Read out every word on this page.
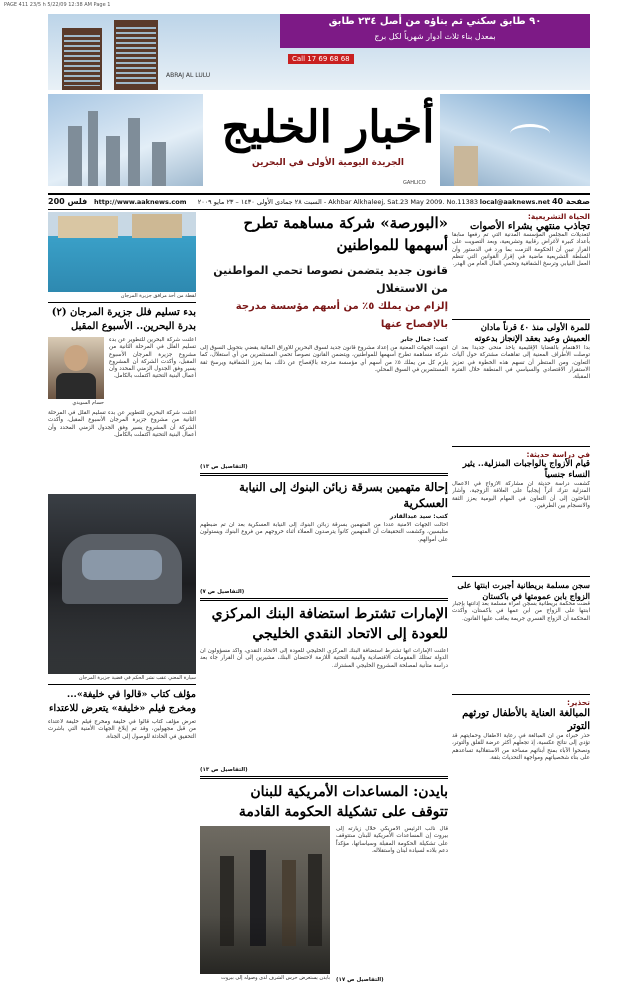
PAGE 411 23/5 h 5/22/09 12:38 AM Page 1
٩٠ طابق سكني تم بناؤه من أصل ٢٣٤ طابق
بمعدل بناء ثلاث أدوار شهرياً لكل برج
Call 17 69 68 68
ABRAJ AL LULU
أخبار الخليج
الجريدة اليومية الأولى في البحرين
GAHLICO
200 فلس http://www.aaknews.com	Akhbar Alkhaleej, Sat.23 May 2009. No.11383 - السبت ٢٨ جمادى الأولى ١٤٣٠ – ٢٣ مايو ٢٠٠٩	local@aaknews.net 40 صفحة
الحياة التشريعية:
تجاذب منتهي بشراء الأصوات
لتعديلات المجلس المؤسسة المدنية التي تم رفعها سابقاً بأعداد كبيرة لأغراض رقابية وتشريعية، وبعد التصويت على القرار تبين أن الحكومة التزمت بما ورد في الدستور وأن السلطة التشريعية ماضية في إقرار القوانين التي تنظم العمل النيابي وترسخ الشفافية وتحمي المال العام من الهدر.
للمرة الأولى منذ ٤٠ قرناً مادان العميش وعيد بعقد الإنجاز بدعوته
بدأ الاهتمام بالقضايا الإقليمية يأخذ منحى جديداً بعد أن توصلت الأطراف المعنية إلى تفاهمات مشتركة حول آليات التعاون، ومن المنتظر أن تسهم هذه الخطوة في تعزيز الاستقرار الاقتصادي والسياسي في المنطقة خلال الفترة المقبلة.
في دراسة حديثة:
قيام الأزواج بالواجبات المنزلية.. يثير النساء جنسياً
كشفت دراسة حديثة أن مشاركة الأزواج في الأعمال المنزلية تترك أثراً إيجابياً على العلاقة الزوجية، وأشار الباحثون إلى أن التعاون في المهام اليومية يعزز الثقة والانسجام بين الطرفين.
سجن مسلمة بريطانية أجبرت ابنتها على الزواج بابن عمومتها في باكستان
قضت محكمة بريطانية بسجن امرأة مسلمة بعد إدانتها بإجبار ابنتها على الزواج من ابن عمها في باكستان، وأكدت المحكمة أن الزواج القسري جريمة يعاقب عليها القانون.
تحذير:
المبالغة العناية بالأطفال تورثهم التوتر
حذر خبراء من أن المبالغة في رعاية الأطفال وحمايتهم قد تؤدي إلى نتائج عكسية، إذ تجعلهم أكثر عرضة للقلق والتوتر، ونصحوا الآباء بمنح أبنائهم مساحة من الاستقلالية تساعدهم على بناء شخصياتهم ومواجهة التحديات بثقة.
«البورصة» شركة مساهمة تطرح أسهمها للمواطنين
قانون جديد يتضمن نصوصا تحمي المواطنين من الاستغلال
إلزام من يملك ٥٪ من أسهم مؤسسة مدرجة بالإفصاح عنها
كتب: جمال جابر
انتهت الجهات المعنية من إعداد مشروع قانون جديد لسوق البحرين للأوراق المالية يقضي بتحويل السوق إلى شركة مساهمة تطرح أسهمها للمواطنين، ويتضمن القانون نصوصاً تحمي المستثمرين من أي استغلال، كما يلزم كل من يملك ٥٪ من أسهم أي مؤسسة مدرجة بالإفصاح عن ذلك، بما يعزز الشفافية ويرسخ ثقة المستثمرين في السوق المحلي.
(التفاصيل ص ١٣)
إحالة متهمين بسرقة زبائن البنوك إلى النيابة العسكرية
كتب: سيد عبدالقادر
أحالت الجهات الأمنية عدداً من المتهمين بسرقة زبائن البنوك إلى النيابة العسكرية بعد أن تم ضبطهم متلبسين، وكشفت التحقيقات أن المتهمين كانوا يترصدون العملاء أثناء خروجهم من فروع البنوك ويستولون على أموالهم.
(التفاصيل ص ٧)
الإمارات تشترط استضافة البنك المركزي
للعودة إلى الاتحاد النقدي الخليجي
أعلنت الإمارات أنها تشترط استضافة البنك المركزي الخليجي للعودة إلى الاتحاد النقدي، وأكد مسؤولون أن الدولة تمتلك المقومات الاقتصادية والبنية التحتية اللازمة لاحتضان البنك، مشيرين إلى أن القرار جاء بعد دراسة متأنية لمصلحة المشروع الخليجي المشترك.
(التفاصيل ص ١٣)
بايدن: المساعدات الأمريكية للبنان
تتوقف على تشكيلة الحكومة القادمة
قال نائب الرئيس الأمريكي خلال زيارته إلى بيروت إن المساعدات الأمريكية للبنان ستتوقف على تشكيلة الحكومة المقبلة وسياساتها، مؤكداً دعم بلاده لسيادة لبنان واستقلاله.
(التفاصيل ص ١٧)
بايدن يستعرض حرس الشرف لدى وصوله إلى بيروت
لقطة من أحد مرافق جزيرة المرجان
بدء تسليم فلل جزيرة المرجان (٢)
بدرة البحرين.. الأسبوع المقبل
حسام السويدي
أعلنت شركة البحرين للتطوير عن بدء تسليم الفلل في المرحلة الثانية من مشروع جزيرة المرجان الأسبوع المقبل، وأكدت الشركة أن المشروع يسير وفق الجدول الزمني المحدد وأن أعمال البنية التحتية اكتملت بالكامل.
أعلنت شركة البحرين للتطوير عن بدء تسليم الفلل في المرحلة الثانية من مشروع جزيرة المرجان الأسبوع المقبل، وأكدت الشركة أن المشروع يسير وفق الجدول الزمني المحدد وأن أعمال البنية التحتية اكتملت بالكامل.
سيارة المعني عقب نشر الحكم في قضية جزيرة المرجان
مؤلف كتاب «قالوا في خليفة»...
ومخرج فيلم «خليفة» يتعرض للاعتداء
تعرض مؤلف كتاب قالوا في خليفة ومخرج فيلم خليفة لاعتداء من قبل مجهولين، وقد تم إبلاغ الجهات الأمنية التي باشرت التحقيق في الحادثة للوصول إلى الجناة.
